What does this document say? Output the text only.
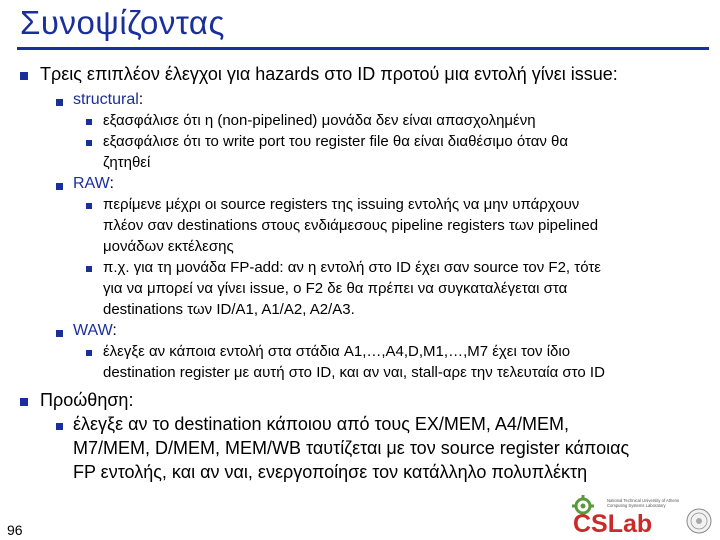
Συνοψίζοντας
Τρεις επιπλέον έλεγχοι για hazards στο ID προτού μια εντολή γίνει issue:
structural:
εξασφάλισε ότι η (non-pipelined) μονάδα δεν είναι απασχολημένη
εξασφάλισε ότι το write port του register file θα είναι διαθέσιμο όταν θα
ζητηθεί
RAW:
περίμενε μέχρι οι source registers της issuing εντολής να μην υπάρχουν
πλέον σαν destinations στους ενδιάμεσους pipeline registers των pipelined
μονάδων εκτέλεσης
π.χ. για τη μονάδα FP-add: αν η εντολή στο ID έχει σαν source τον F2, τότε
για να μπορεί να γίνει issue, ο F2 δε θα πρέπει να συγκαταλέγεται στα
destinations των ID/A1, A1/A2, A2/A3.
WAW:
έλεγξε αν κάποια εντολή στα στάδια A1,…,A4,D,M1,…,M7 έχει τον ίδιο
destination register με αυτή στο ID, και αν ναι, stall-αρε την τελευταία στο ID
Προώθηση:
έλεγξε αν το destination κάποιου από τους EX/MEM, A4/MEM,
M7/MEM, D/MEM, MEM/WB ταυτίζεται με τον source register κάποιας
FP εντολής, και αν ναι, ενεργοποίησε τον κατάλληλο πολυπλέκτη
96
National Technical University of Athens
Computing Systems Laboratory
CSLab
